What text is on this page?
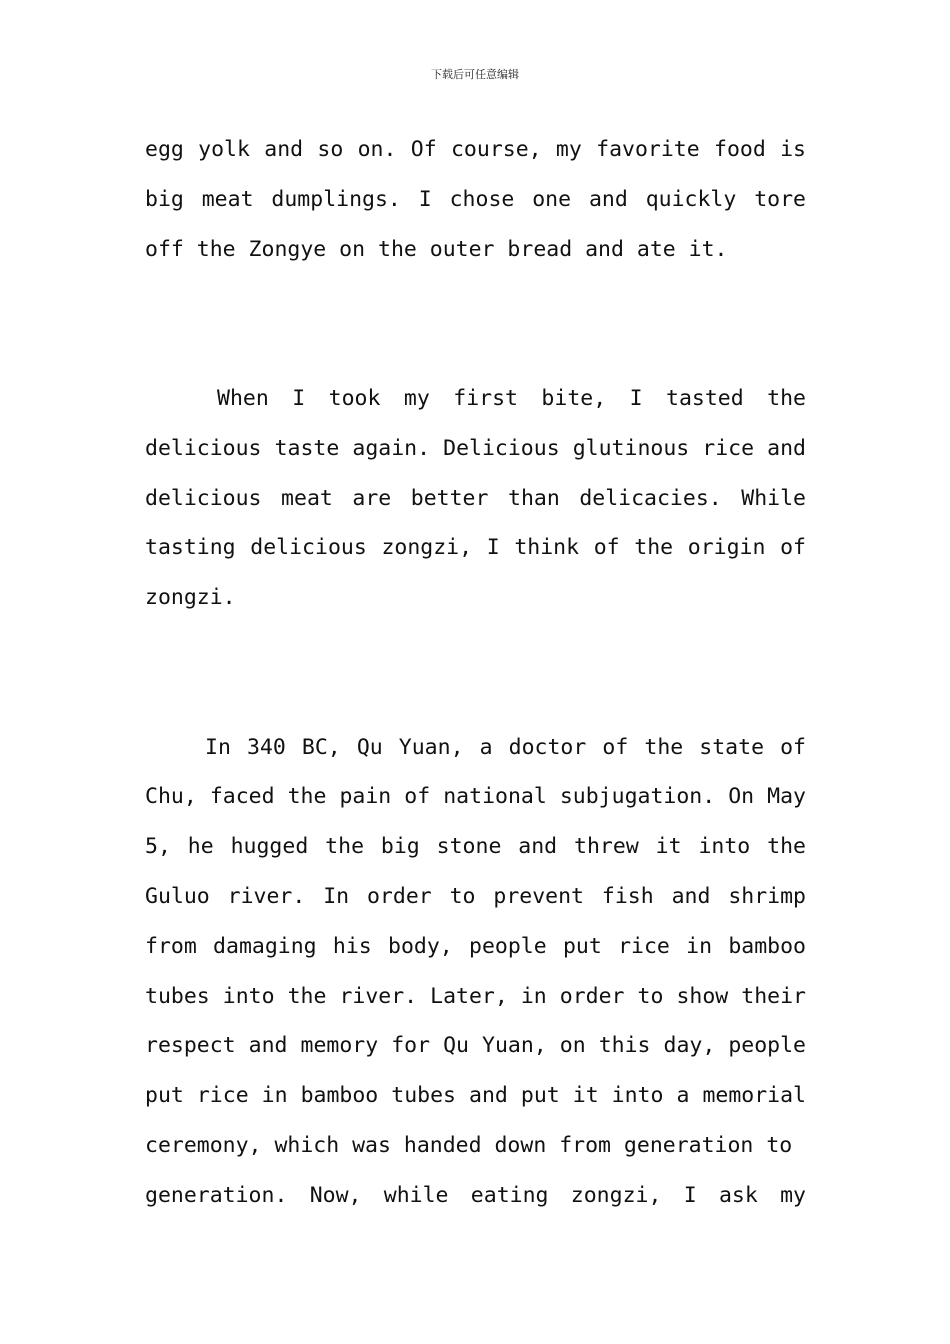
下载后可任意编辑

egg yolk and so on. Of course, my favorite food is big meat dumplings. I chose one and quickly tore off the Zongye on the outer bread and ate it.

When I took my first bite, I tasted the delicious taste again. Delicious glutinous rice and delicious meat are better than delicacies. While tasting delicious zongzi, I think of the origin of zongzi.

In 340 BC, Qu Yuan, a doctor of the state of Chu, faced the pain of national subjugation. On May 5, he hugged the big stone and threw it into the Guluo river. In order to prevent fish and shrimp from damaging his body, people put rice in bamboo tubes into the river. Later, in order to show their respect and memory for Qu Yuan, on this day, people put rice in bamboo tubes and put it into a memorial ceremony, which was handed down from generation to

generation. Now, while eating zongzi, I ask my
